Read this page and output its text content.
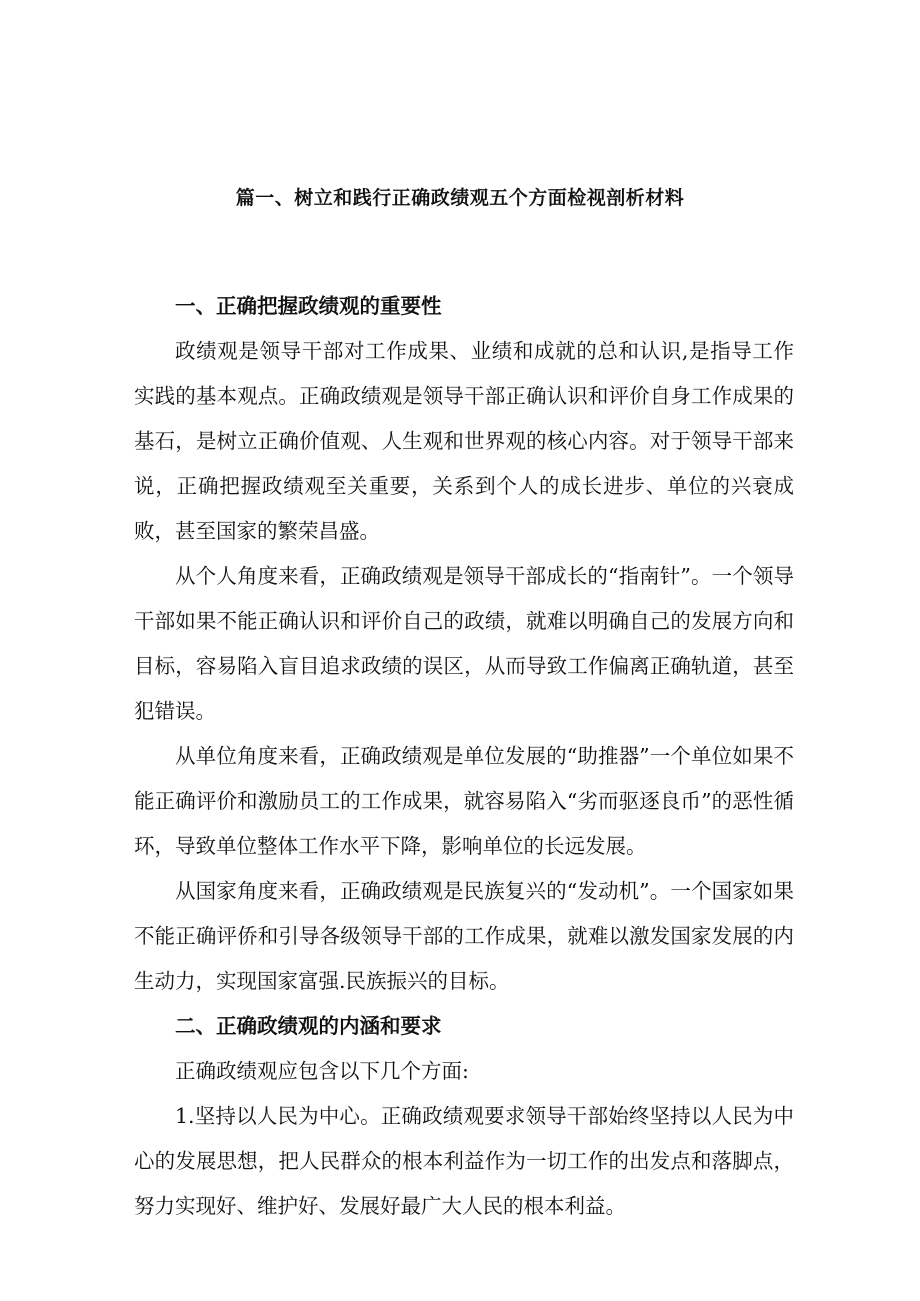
篇一、树立和践行正确政绩观五个方面检视剖析材料
一、正确把握政绩观的重要性

政绩观是领导干部对工作成果、业绩和成就的总和认识,是指导工作实践的基本观点。正确政绩观是领导干部正确认识和评价自身工作成果的基石，是树立正确价值观、人生观和世界观的核心内容。对于领导干部来说，正确把握政绩观至关重要，关系到个人的成长进步、单位的兴衰成败，甚至国家的繁荣昌盛。

从个人角度来看，正确政绩观是领导干部成长的“指南针”。一个领导干部如果不能正确认识和评价自己的政绩，就难以明确自己的发展方向和目标，容易陷入盲目追求政绩的误区，从而导致工作偏离正确轨道，甚至犯错误。

从单位角度来看，正确政绩观是单位发展的“助推器”一个单位如果不能正确评价和激励员工的工作成果，就容易陷入“劣而驱逐良币”的恶性循环，导致单位整体工作水平下降，影响单位的长远发展。

从国家角度来看，正确政绩观是民族复兴的“发动机”。一个国家如果不能正确评侨和引导各级领导干部的工作成果，就难以激发国家发展的内生动力，实现国家富强.民族振兴的目标。

二、正确政绩观的内涵和要求

正确政绩观应包含以下几个方面:

1.坚持以人民为中心。正确政绩观要求领导干部始终坚持以人民为中心的发展思想，把人民群众的根本利益作为一切工作的出发点和落脚点，努力实现好、维护好、发展好最广大人民的根本利益。
